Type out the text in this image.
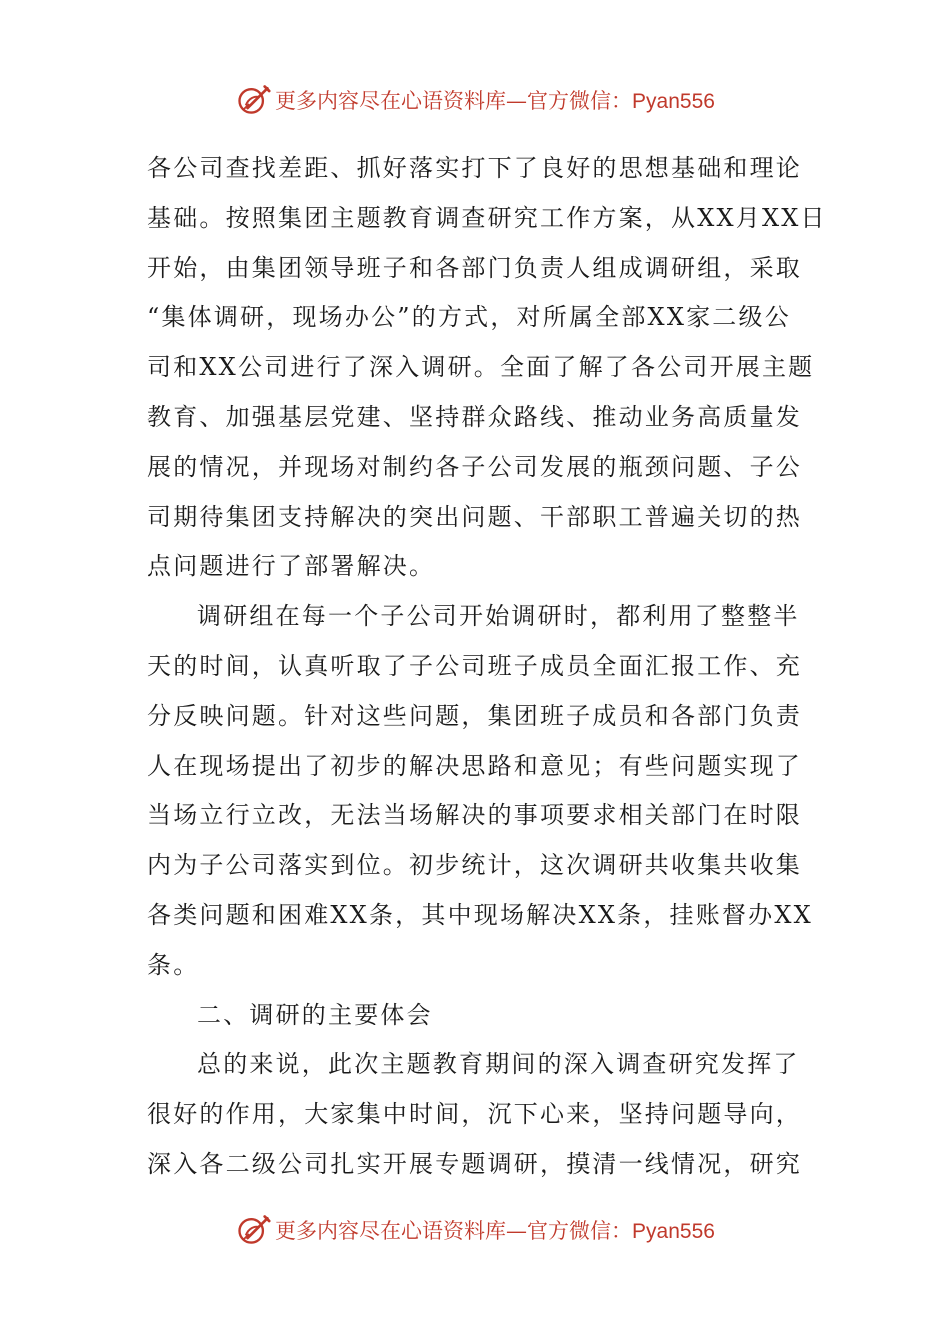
更多内容尽在心语资料库—官方微信：Pyan556
各公司查找差距、抓好落实打下了良好的思想基础和理论
基础。按照集团主题教育调查研究工作方案，从XX月XX日
开始，由集团领导班子和各部门负责人组成调研组，采取
“集体调研，现场办公”的方式，对所属全部XX家二级公
司和XX公司进行了深入调研。全面了解了各公司开展主题
教育、加强基层党建、坚持群众路线、推动业务高质量发
展的情况，并现场对制约各子公司发展的瓶颈问题、子公
司期待集团支持解决的突出问题、干部职工普遍关切的热
点问题进行了部署解决。
调研组在每一个子公司开始调研时，都利用了整整半
天的时间，认真听取了子公司班子成员全面汇报工作、充
分反映问题。针对这些问题，集团班子成员和各部门负责
人在现场提出了初步的解决思路和意见；有些问题实现了
当场立行立改，无法当场解决的事项要求相关部门在时限
内为子公司落实到位。初步统计，这次调研共收集共收集
各类问题和困难XX条，其中现场解决XX条，挂账督办XX
条。
二、调研的主要体会
总的来说，此次主题教育期间的深入调查研究发挥了
很好的作用，大家集中时间，沉下心来，坚持问题导向，
深入各二级公司扎实开展专题调研，摸清一线情况，研究
更多内容尽在心语资料库—官方微信：Pyan556
